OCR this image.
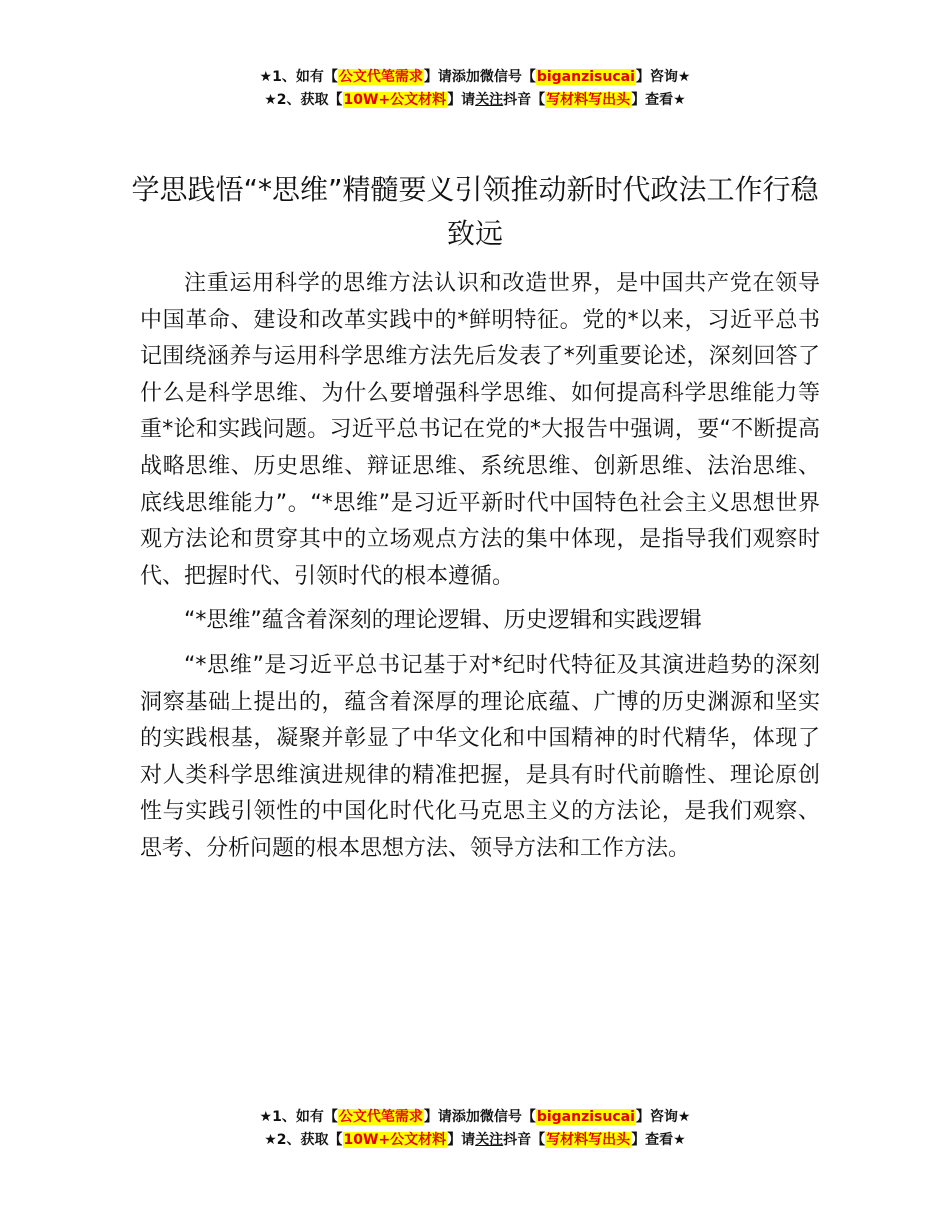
★1、如有【公文代笔需求】请添加微信号【biganzisucai】咨询★
★2、获取【10W+公文材料】请关注抖音【写材料写出头】查看★
学思践悟“*思维”精髓要义引领推动新时代政法工作行稳致远

注重运用科学的思维方法认识和改造世界，是中国共产党在领导中国革命、建设和改革实践中的*鲜明特征。党的*以来，习近平总书记围绕涵养与运用科学思维方法先后发表了*列重要论述，深刻回答了什么是科学思维、为什么要增强科学思维、如何提高科学思维能力等重*论和实践问题。习近平总书记在党的*大报告中强调，要“不断提高战略思维、历史思维、辩证思维、系统思维、创新思维、法治思维、底线思维能力”。“*思维”是习近平新时代中国特色社会主义思想世界观方法论和贯穿其中的立场观点方法的集中体现，是指导我们观察时代、把握时代、引领时代的根本遵循。

“*思维”蕴含着深刻的理论逻辑、历史逻辑和实践逻辑

“*思维”是习近平总书记基于对*纪时代特征及其演进趋势的深刻洞察基础上提出的，蕴含着深厚的理论底蕴、广博的历史渊源和坚实的实践根基，凝聚并彰显了中华文化和中国精神的时代精华，体现了对人类科学思维演进规律的精准把握，是具有时代前瞻性、理论原创性与实践引领性的中国化时代化马克思主义的方法论，是我们观察、思考、分析问题的根本思想方法、领导方法和工作方法。

★1、如有【公文代笔需求】请添加微信号【biganzisucai】咨询★
★2、获取【10W+公文材料】请关注抖音【写材料写出头】查看★
